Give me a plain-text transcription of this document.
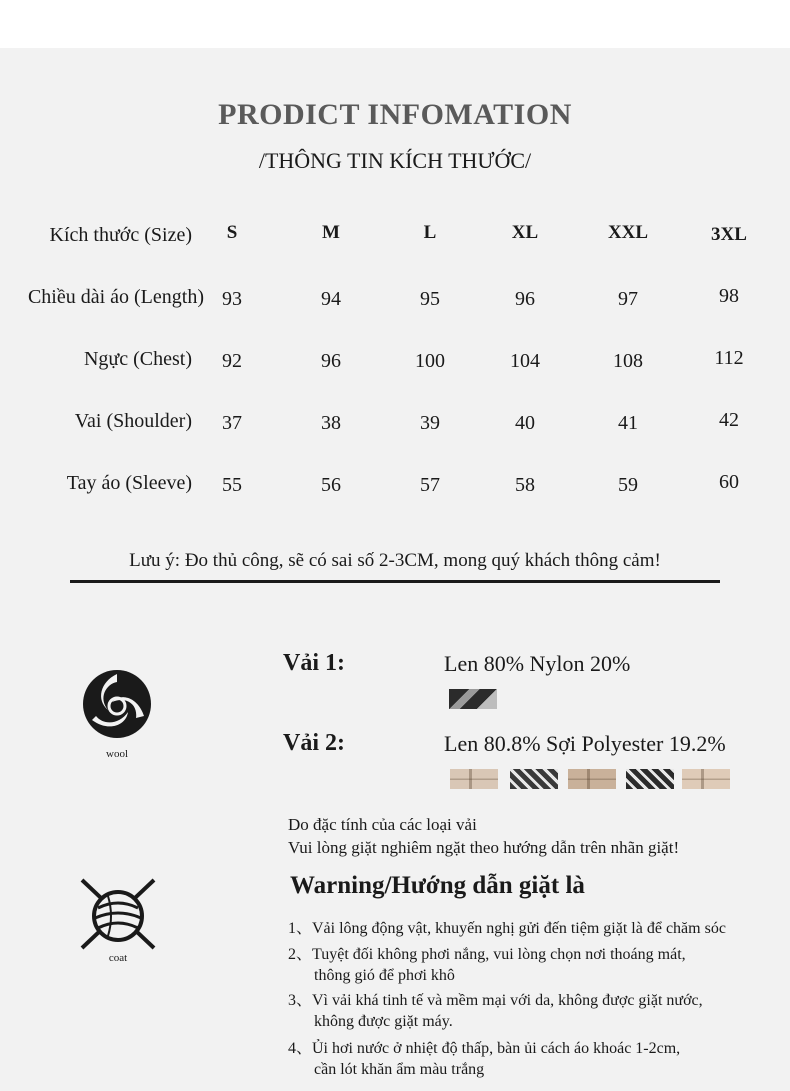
PRODICT INFOMATION
/THÔNG TIN KÍCH THƯỚC/
Kích thước (Size)	S	M	L	XL	XXL	3XL
Chiều dài áo (Length) 93	94	95	96	97	98
Ngực (Chest)	92	96	100	104	108	112
Vai (Shoulder)	37	38	39	40	41	42
Tay áo (Sleeve)	55	56	57	58	59	60
Lưu ý: Đo thủ công, sẽ có sai số 2-3CM, mong quý khách thông cảm!
wool
Vải 1:	Len 80% Nylon 20%
Vải 2:	Len 80.8% Sợi Polyester 19.2%
Do đặc tính của các loại vải
Vui lòng giặt nghiêm ngặt theo hướng dẫn trên nhãn giặt!
coat
Warning/Hướng dẫn giặt là
1、Vải lông động vật, khuyến nghị gửi đến tiệm giặt là để chăm sóc
2、Tuyệt đối không phơi nắng, vui lòng chọn nơi thoáng mát,
thông gió để phơi khô
3、Vì vải khá tinh tế và mềm mại với da, không được giặt nước,
không được giặt máy.
4、Ủi hơi nước ở nhiệt độ thấp, bàn ủi cách áo khoác 1-2cm,
cần lót khăn ẩm màu trắng
